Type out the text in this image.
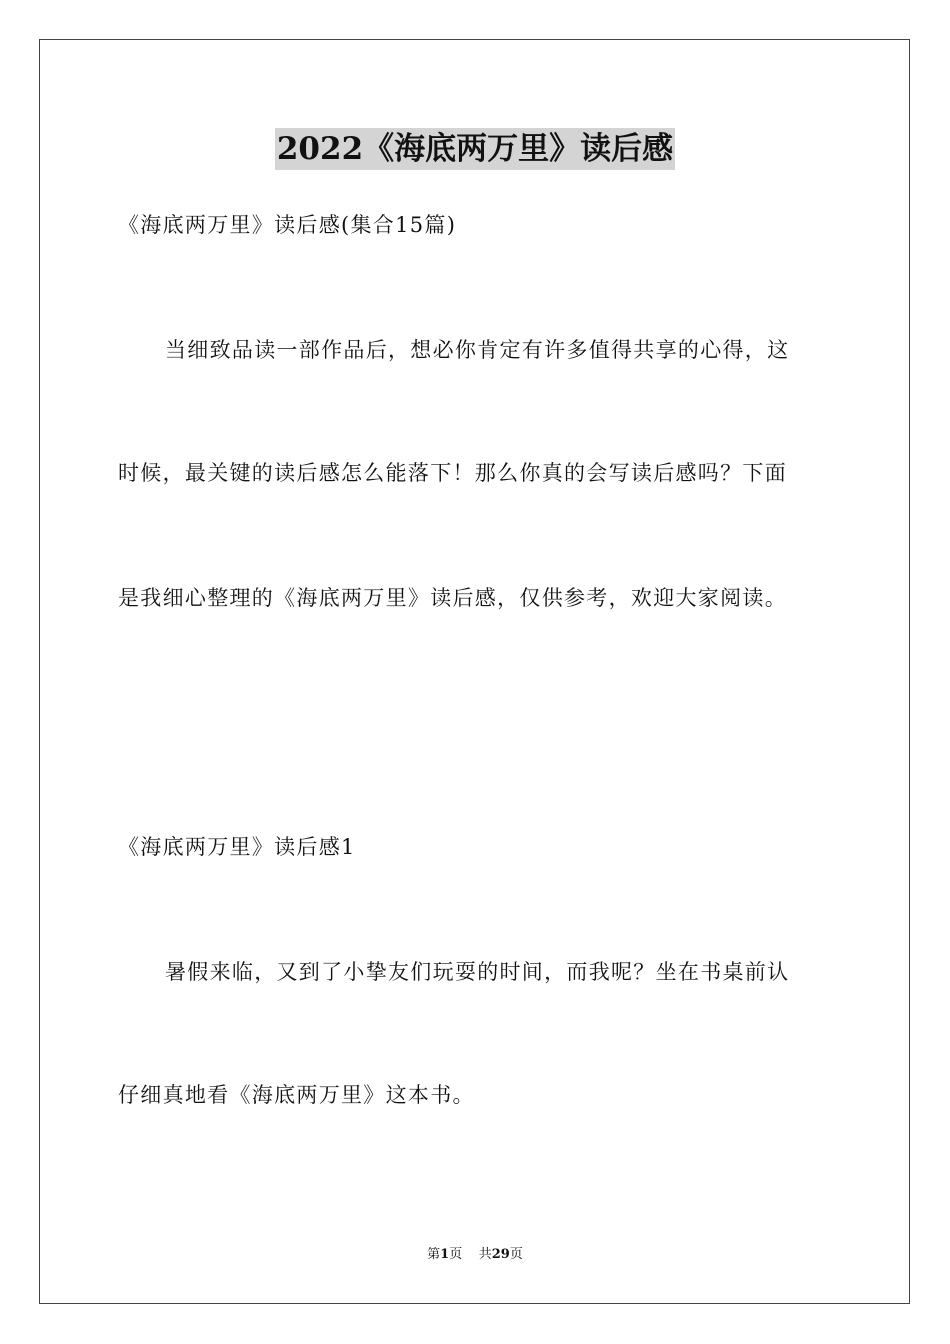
2022《海底两万里》读后感
《海底两万里》读后感(集合15篇)
当细致品读一部作品后，想必你肯定有许多值得共享的心得，这
时候，最关键的读后感怎么能落下！那么你真的会写读后感吗？下面
是我细心整理的《海底两万里》读后感，仅供参考，欢迎大家阅读。
《海底两万里》读后感1
暑假来临，又到了小挚友们玩耍的时间，而我呢？坐在书桌前认
仔细真地看《海底两万里》这本书。
第1页 共29页
